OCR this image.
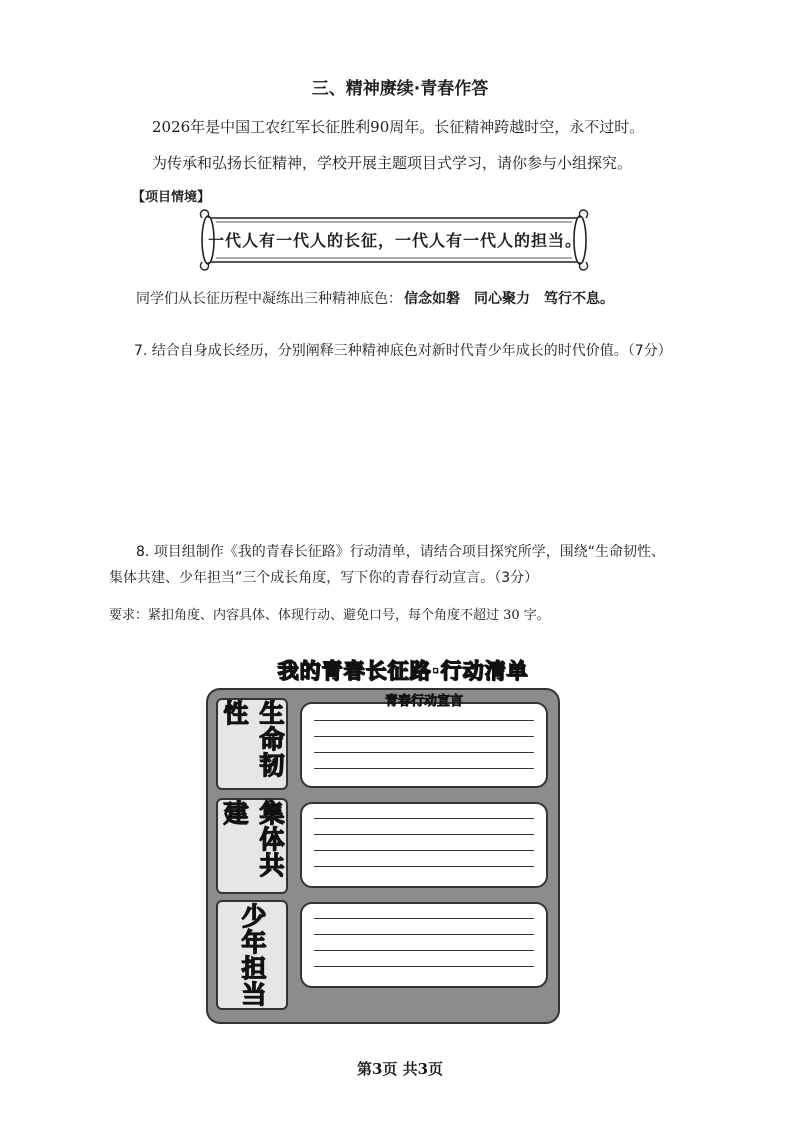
三、精神赓续·青春作答
2026年是中国工农红军长征胜利90周年。长征精神跨越时空，永不过时。
为传承和弘扬长征精神，学校开展主题项目式学习，请你参与小组探究。
【项目情境】
一代人有一代人的长征，一代人有一代人的担当。
同学们从长征历程中凝练出三种精神底色： 信念如磐 同心聚力 笃行不息。
7. 结合自身成长经历，分别阐释三种精神底色对新时代青少年成长的时代价值。（7分）
8. 项目组制作《我的青春长征路》行动清单，请结合项目探究所学，围绕“生命韧性、
集体共建、少年担当”三个成长角度，写下你的青春行动宣言。（3分）
要求：紧扣角度、内容具体、体现行动、避免口号，每个角度不超过 30 字。
我的青春长征路·行动清单
生命韧性	青春行动宣言
集体共建
少年担当
第3页 共3页
